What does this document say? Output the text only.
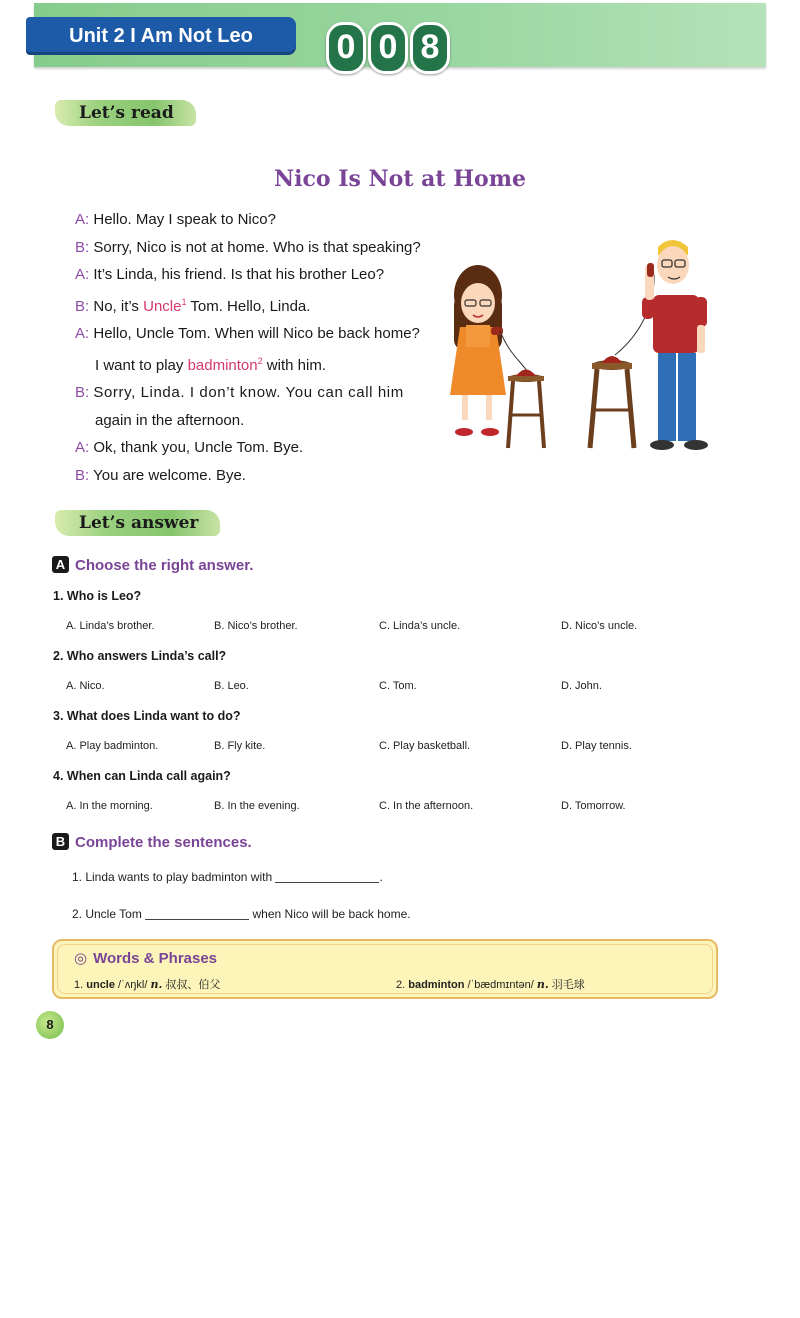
Unit 2 I Am Not Leo	0 0 8
Let’s read
Nico Is Not at Home
A: Hello. May I speak to Nico?
B: Sorry, Nico is not at home. Who is that speaking?
A: It’s Linda, his friend. Is that his brother Leo?
B: No, it’s Uncle$^1$ Tom. Hello, Linda.
A: Hello, Uncle Tom. When will Nico be back home?
I want to play badminton$^2$ with him.
B: Sorry, Linda. I don’t know. You can call him
again in the afternoon.
A: Ok, thank you, Uncle Tom. Bye.
B: You are welcome. Bye.
Let’s answer
A Choose the right answer.
1. Who is Leo?
A. Linda’s brother.	B. Nico’s brother.	C. Linda’s uncle.	D. Nico’s uncle.
2. Who answers Linda’s call?
A. Nico.	B. Leo.	C. Tom.	D. John.
3. What does Linda want to do?
A. Play badminton.	B. Fly kite.	C. Play basketball.	D. Play tennis.
4. When can Linda call again?
A. In the morning.	B. In the evening.	C. In the afternoon.	D. Tomorrow.
B Complete the sentences.
1. Linda wants to play badminton with	.
2. Uncle Tom	when Nico will be back home.
◎ Words & Phrases
1. uncle /ˈʌŋkl/ n. 叔叔、伯父	2. badminton /ˈbædmɪntən/ n. 羽毛球
8
